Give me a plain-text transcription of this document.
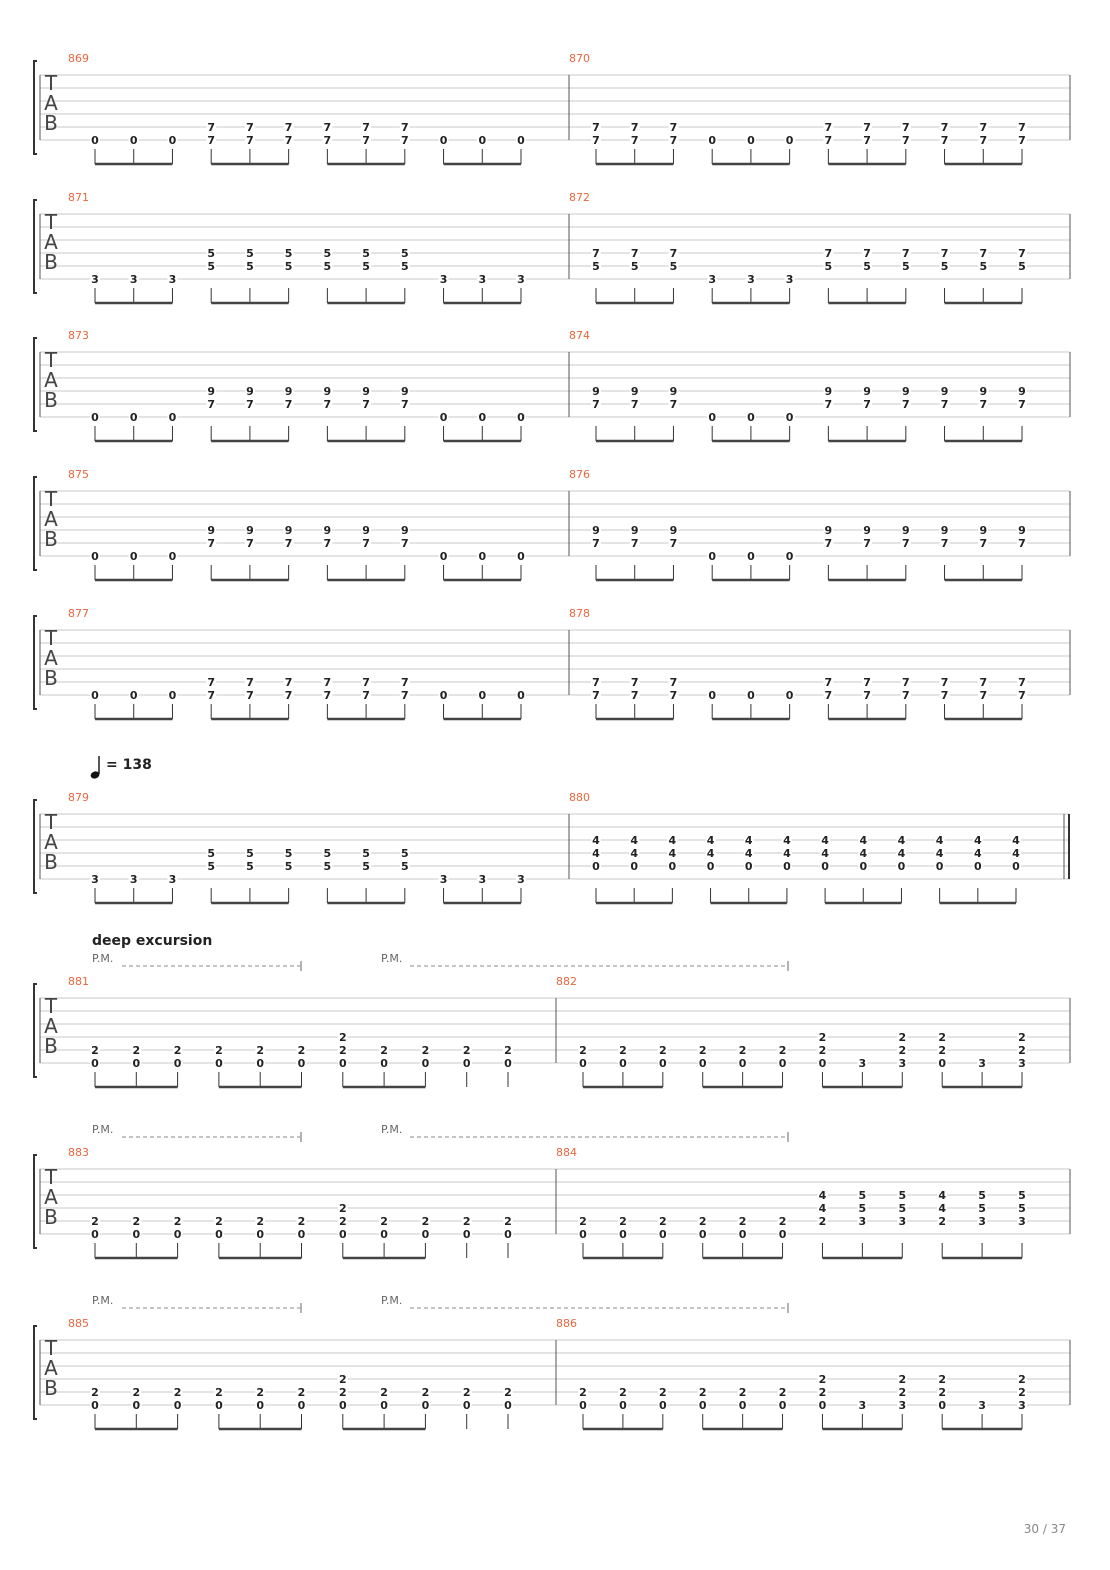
T
A
B
869
0	0	0
7
7
7
7
7
7
7
7
7
7
7
7	0	0	0
870
7
7
7
7
7
7	0	0	0
7
7
7
7
7
7
7
7
7
7
7
7
T
A
B
871
3	3	3
5
5
5
5
5
5
5
5
5
5
5
5
3	3	3
872
7
5
7
5
7
5
3	3	3
7
5
7
5
7
5
7
5
7
5
7
5
T
A
B
873
0	0	0
9
7
9
7
9
7
9
7
9
7
9
7
0	0	0
874
9
7
9
7
9
7
0	0	0
9
7
9
7
9
7
9
7
9
7
9
7
T
A
B
875
0	0	0
9
7
9
7
9
7
9
7
9
7
9
7
0	0	0
876
9
7
9
7
9
7
0	0	0
9
7
9
7
9
7
9
7
9
7
9
7
T
A
B
877
0	0	0
7
7
7
7
7
7
7
7
7
7
7
7	0	0	0
878
7
7
7
7
7
7	0	0	0
7
7
7
7
7
7
7
7
7
7
7
7
T
A
B
879
3	3	3
5
5
5
5
5
5
5
5
5
5
5
5
3	3	3
880
4
4
0
4
4
0
4
4
0
4
4
0
4
4
0
4
4
0
4
4
0
4
4
0
4
4
0
4
4
0
4
4
0
4
4
0
T
A
B
881
2
0
2
0
2
0
2
0
2
0
2
0
2
2
0
2
0
2
0
2
0
2
0
882
2
0
2
0
2
0
2
0
2
0
2
0
2
2
0	3
2
2
3
2
2
0	3
2
2
3
T
A
B
883
2
0
2
0
2
0
2
0
2
0
2
0
2
2
0
2
0
2
0
2
0
2
0
884
2
0
2
0
2
0
2
0
2
0
2
0
4
4
2
5
5
3
5
5
3
4
4
2
5
5
3
5
5
3
T
A
B
885
2
0
2
0
2
0
2
0
2
0
2
0
2
2
0
2
0
2
0
2
0
2
0
886
2
0
2
0
2
0
2
0
2
0
2
0
2
2
0	3
2
2
3
2
2
0	3
2
2
3
= 138
deep excursion
P.M.	P.M.
P.M.	P.M.
P.M.	P.M.
30 / 37
